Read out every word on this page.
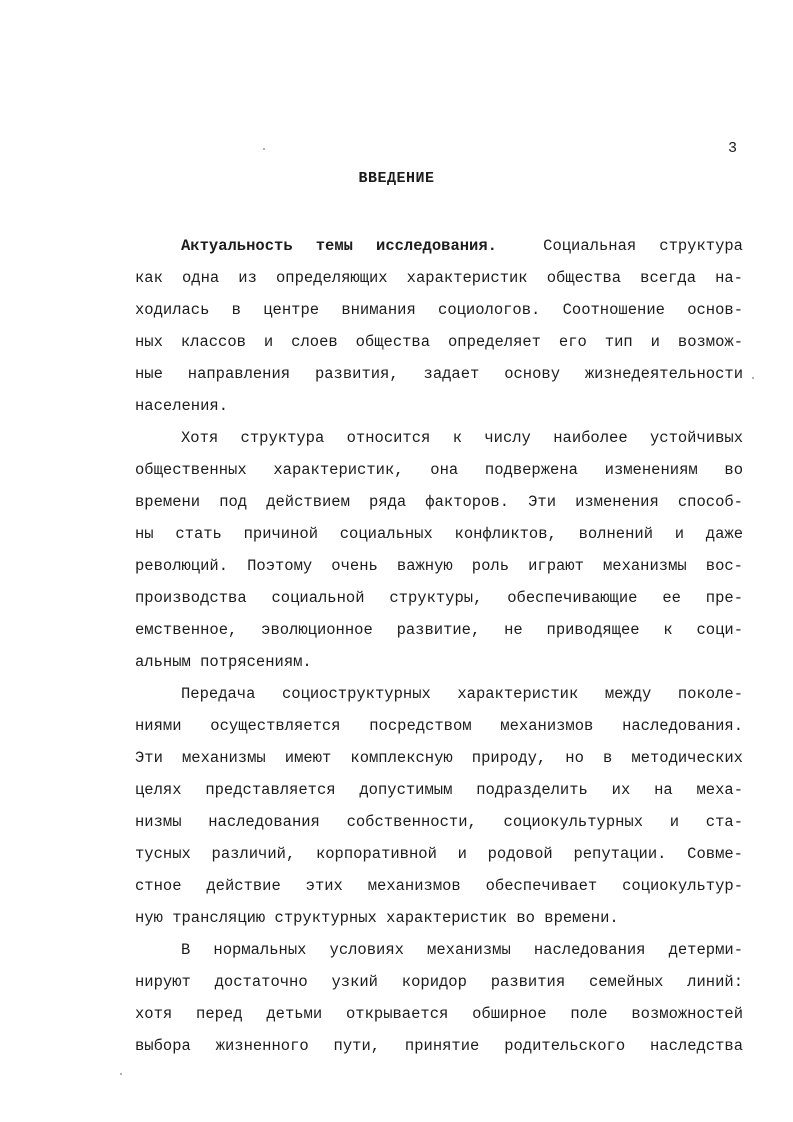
3
ВВЕДЕНИЕ
Актуальность темы исследования.	Социальная структура
как одна из определяющих характеристик общества всегда на-
ходилась в центре внимания социологов. Соотношение основ-
ных классов и слоев общества определяет его тип и возмож-
ные направления развития, задает основу жизнедеятельности
населения.
Хотя структура относится к числу наиболее устойчивых
общественных характеристик, она подвержена изменениям во
времени под действием ряда факторов. Эти изменения способ-
ны стать причиной социальных конфликтов, волнений и даже
революций. Поэтому очень важную роль играют механизмы вос-
производства социальной структуры, обеспечивающие ее пре-
емственное, эволюционное развитие, не приводящее к соци-
альным потрясениям.
Передача социоструктурных характеристик между поколе-
ниями осуществляется посредством механизмов наследования.
Эти механизмы имеют комплексную природу, но в методических
целях представляется допустимым подразделить их на меха-
низмы наследования собственности, социокультурных и ста-
тусных различий, корпоративной и родовой репутации. Совме-
стное действие этих механизмов обеспечивает социокультур-
ную трансляцию структурных характеристик во времени.
В нормальных условиях механизмы наследования детерми-
нируют достаточно узкий коридор развития семейных линий:
хотя перед детьми открывается обширное поле возможностей
выбора жизненного пути, принятие родительского наследства
